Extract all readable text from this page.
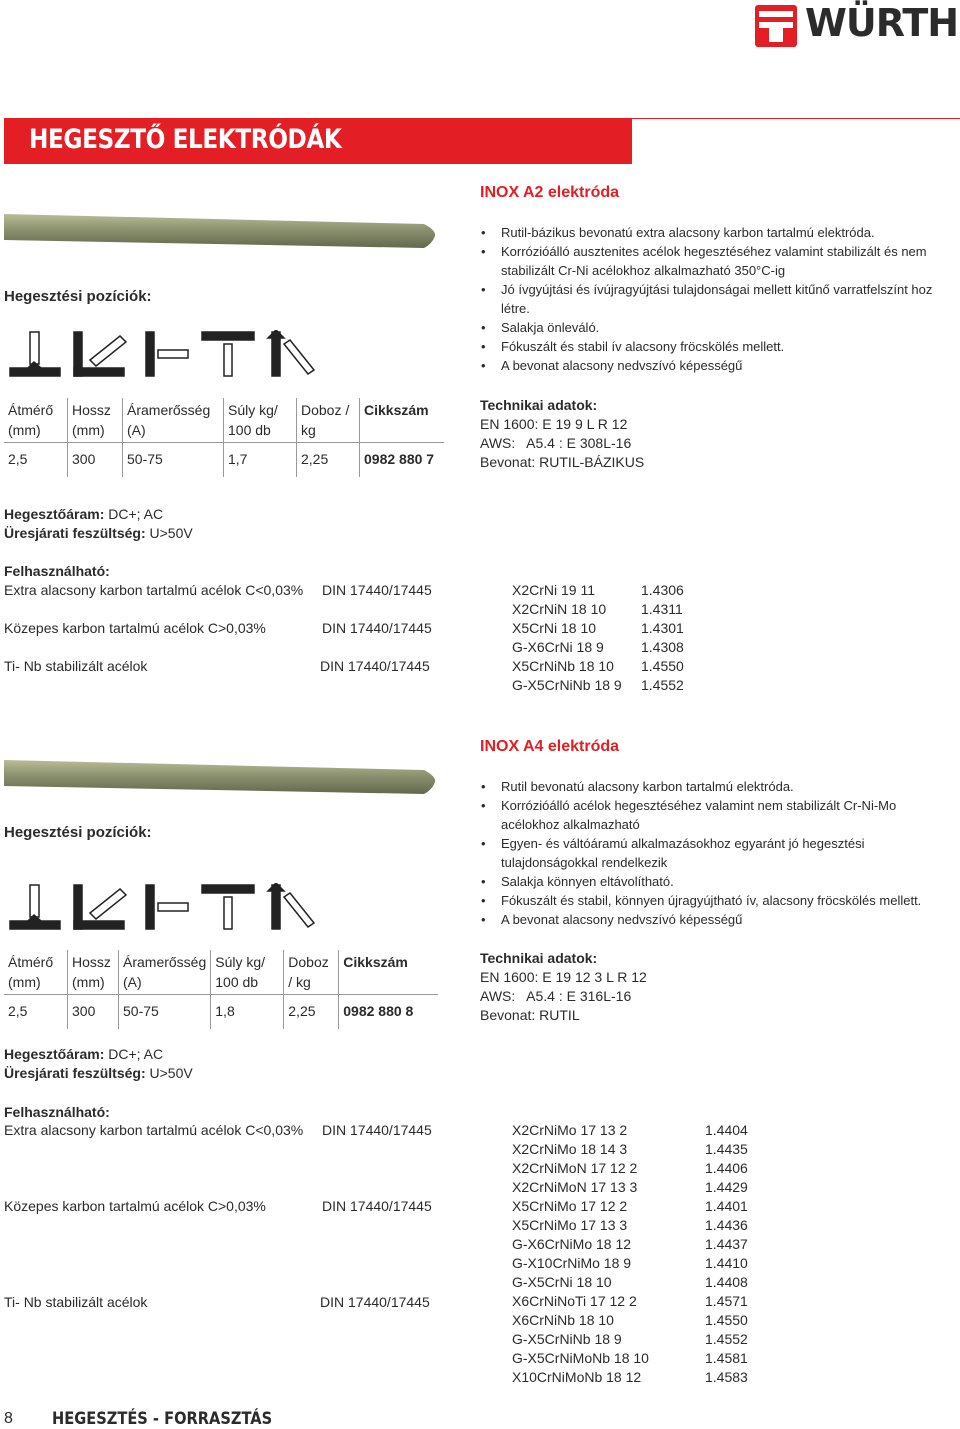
WÜRTH
HEGESZTŐ ELEKTRÓDÁK
INOX A2 elektróda
Hegesztési pozíciók:
• Rutil-bázikus bevonatú extra alacsony karbon tartalmú elektróda.
• Korrózióálló ausztenites acélok hegesztéséhez valamint stabilizált és nem stabilizált Cr-Ni acélokhoz alkalmazható 350°C-ig
• Jó ívgyújtási és ívújragyújtási tulajdonságai mellett kitűnő varratfelszínt hoz létre.
• Salakja önleváló.
• Fókuszált és stabil ív alacsony fröcskölés mellett.
• A bevonat alacsony nedvszívó képességű
Átmérő (mm)	Hossz (mm)	Áramerősség (A)	Súly kg/ 100 db	Doboz / kg	Cikkszám
2,5	300	50-75	1,7	2,25	0982 880 7
Technikai adatok:
EN 1600: E 19 9 L R 12
AWS:   A5.4 : E 308L-16
Bevonat: RUTIL-BÁZIKUS
Hegesztőáram: DC+; AC
Üresjárati feszültség: U>50V
Felhasználható:
Extra alacsony karbon tartalmú acélok C<0,03% DIN 17440/17445
Közepes karbon tartalmú acélok C>0,03%	DIN 17440/17445
Ti- Nb stabilizált acélok	DIN 17440/17445
X2CrNi 19 11	1.4306
X2CrNiN 18 10 1.4311
X5CrNi 18 10	1.4301
G-X6CrNi 18 9	1.4308
X5CrNiNb 18 10 1.4550
G-X5CrNiNb 18 9 1.4552
INOX A4 elektróda
Hegesztési pozíciók:
• Rutil bevonatú alacsony karbon tartalmú elektróda.
• Korrózióálló acélok hegesztéséhez valamint nem stabilizált Cr-Ni-Mo acélokhoz alkalmazható
• Egyen- és váltóáramú alkalmazásokhoz egyaránt jó hegesztési tulajdonságokkal rendelkezik
• Salakja könnyen eltávolítható.
• Fókuszált és stabil, könnyen újragyújtható ív, alacsony fröcskölés mellett.
• A bevonat alacsony nedvszívó képességű
Átmérő (mm)	Hossz (mm)	Áramerősség (A)	Súly kg/ 100 db	Doboz / kg	Cikkszám
2,5	300	50-75	1,8	2,25	0982 880 8
Technikai adatok:
EN 1600: E 19 12 3 L R 12
AWS:   A5.4 : E 316L-16
Bevonat: RUTIL
Hegesztőáram: DC+; AC
Üresjárati feszültség: U>50V
Felhasználható:
Extra alacsony karbon tartalmú acélok C<0,03% DIN 17440/17445
Közepes karbon tartalmú acélok C>0,03%	DIN 17440/17445
Ti- Nb stabilizált acélok	DIN 17440/17445
X2CrNiMo 17 13 2	1.4404
X2CrNiMo 18 14 3	1.4435
X2CrNiMoN 17 12 2	1.4406
X2CrNiMoN 17 13 3	1.4429
X5CrNiMo 17 12 2	1.4401
X5CrNiMo 17 13 3	1.4436
G-X6CrNiMo 18 12	1.4437
G-X10CrNiMo 18 9	1.4410
G-X5CrNi 18 10	1.4408
X6CrNiNoTi 17 12 2	1.4571
X6CrNiNb 18 10	1.4550
G-X5CrNiNb 18 9	1.4552
G-X5CrNiMoNb 18 10	1.4581
X10CrNiMoNb 18 12	1.4583
8 HEGESZTÉS - FORRASZTÁS
